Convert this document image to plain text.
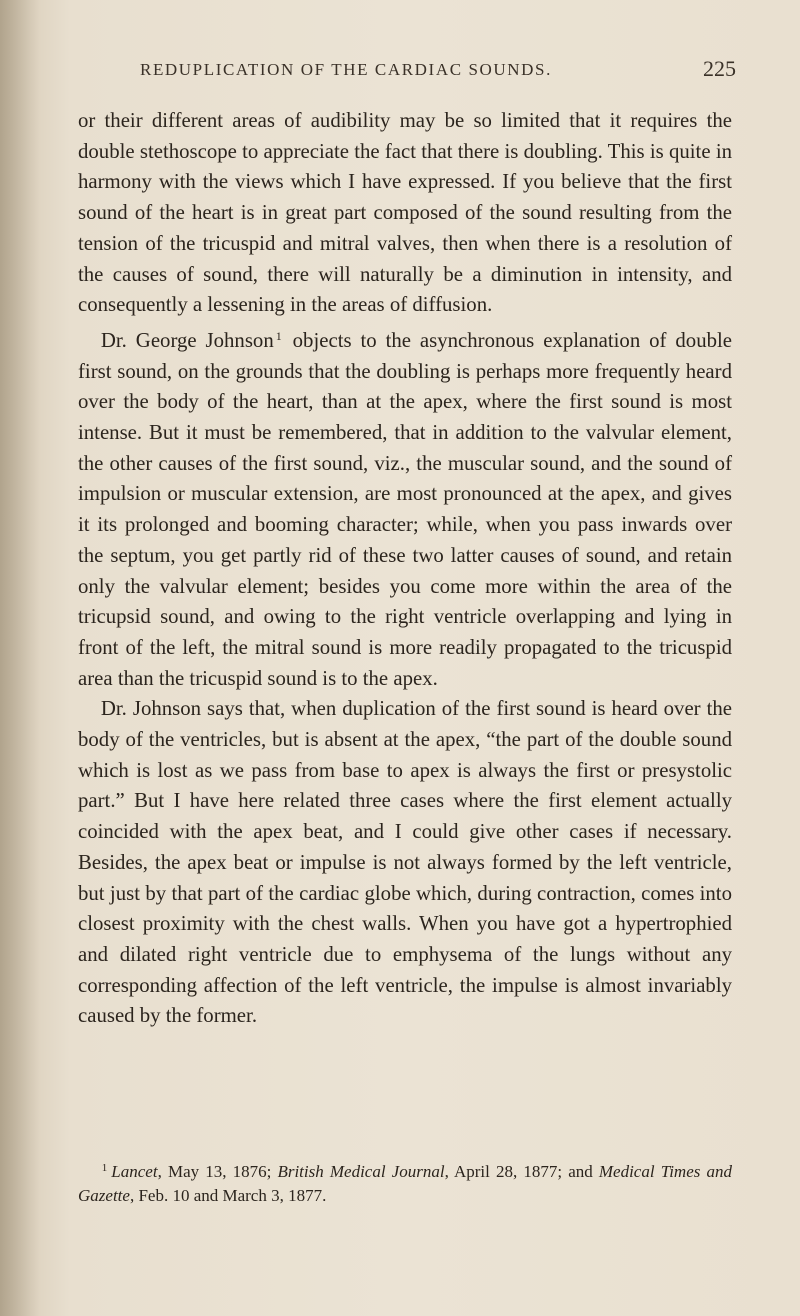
REDUPLICATION OF THE CARDIAC SOUNDS.	225

or their different areas of audibility may be so limited that it requires the double stethoscope to appreciate the fact that there is doubling. This is quite in harmony with the views which I have expressed. If you believe that the first sound of the heart is in great part composed of the sound resulting from the tension of the tricuspid and mitral valves, then when there is a resolution of the causes of sound, there will naturally be a diminution in intensity, and consequently a lessening in the areas of diffusion.

Dr. George Johnson $^1$ objects to the asynchronous explanation of double first sound, on the grounds that the doubling is perhaps more frequently heard over the body of the heart, than at the apex, where the first sound is most intense. But it must be remembered, that in addition to the valvular element, the other causes of the first sound, viz., the muscular sound, and the sound of impulsion or muscular extension, are most pronounced at the apex, and gives it its prolonged and booming character; while, when you pass inwards over the septum, you get partly rid of these two latter causes of sound, and retain only the valvular element; besides you come more within the area of the tricupsid sound, and owing to the right ventricle overlapping and lying in front of the left, the mitral sound is more readily propagated to the tricuspid area than the tricuspid sound is to the apex.

Dr. Johnson says that, when duplication of the first sound is heard over the body of the ventricles, but is absent at the apex, “the part of the double sound which is lost as we pass from base to apex is always the first or presystolic part.” But I have here related three cases where the first element actually coincided with the apex beat, and I could give other cases if necessary. Besides, the apex beat or impulse is not always formed by the left ventricle, but just by that part of the cardiac globe which, during contraction, comes into closest proximity with the chest walls. When you have got a hypertrophied and dilated right ventricle due to emphysema of the lungs without any corresponding affection of the left ventricle, the impulse is almost invariably caused by the former.

$^1$ Lancet, May 13, 1876; British Medical Journal, April 28, 1877; and Medical Times and Gazette, Feb. 10 and March 3, 1877.
